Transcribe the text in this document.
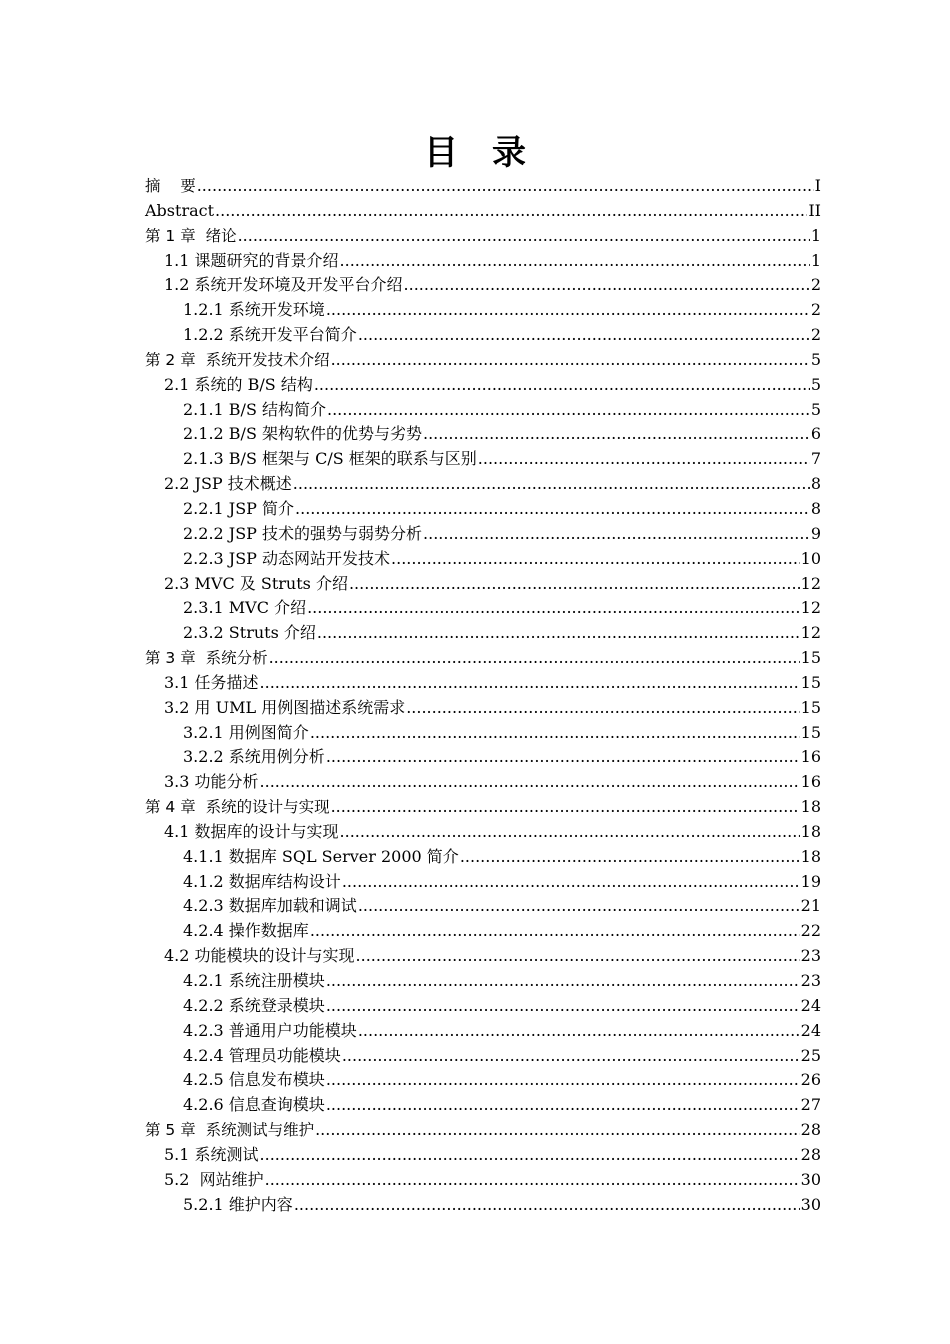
目录
摘    要 .....	I
Abstract .....	II
第 1 章  绪论 .....	1
1.1 课题研究的背景介绍 .....	1
1.2 系统开发环境及开发平台介绍 .....	2
1.2.1 系统开发环境 .....	2
1.2.2 系统开发平台简介 .....	2
第 2 章  系统开发技术介绍 .....	5
2.1 系统的 B/S 结构 .....	5
2.1.1 B/S 结构简介 .....	5
2.1.2 B/S 架构软件的优势与劣势 .....	6
2.1.3 B/S 框架与 C/S 框架的联系与区别 .....	7
2.2 JSP 技术概述 .....	8
2.2.1 JSP 简介 .....	8
2.2.2 JSP 技术的强势与弱势分析 .....	9
2.2.3 JSP 动态网站开发技术 .....	10
2.3 MVC 及 Struts 介绍 .....	12
2.3.1 MVC 介绍 .....	12
2.3.2 Struts 介绍 .....	12
第 3 章  系统分析 .....	15
3.1 任务描述 .....	15
3.2 用 UML 用例图描述系统需求 .....	15
3.2.1 用例图简介 .....	15
3.2.2 系统用例分析 .....	16
3.3 功能分析 .....	16
第 4 章  系统的设计与实现 .....	18
4.1 数据库的设计与实现 .....	18
4.1.1 数据库 SQL Server 2000 简介 .....	18
4.1.2 数据库结构设计 .....	19
4.2.3 数据库加载和调试 .....	21
4.2.4 操作数据库 .....	22
4.2 功能模块的设计与实现 .....	23
4.2.1 系统注册模块 .....	23
4.2.2 系统登录模块 .....	24
4.2.3 普通用户功能模块 .....	24
4.2.4 管理员功能模块 .....	25
4.2.5 信息发布模块 .....	26
4.2.6 信息查询模块 .....	27
第 5 章  系统测试与维护 .....	28
5.1 系统测试 .....	28
5.2  网站维护 .....	30
5.2.1 维护内容 .....	30
